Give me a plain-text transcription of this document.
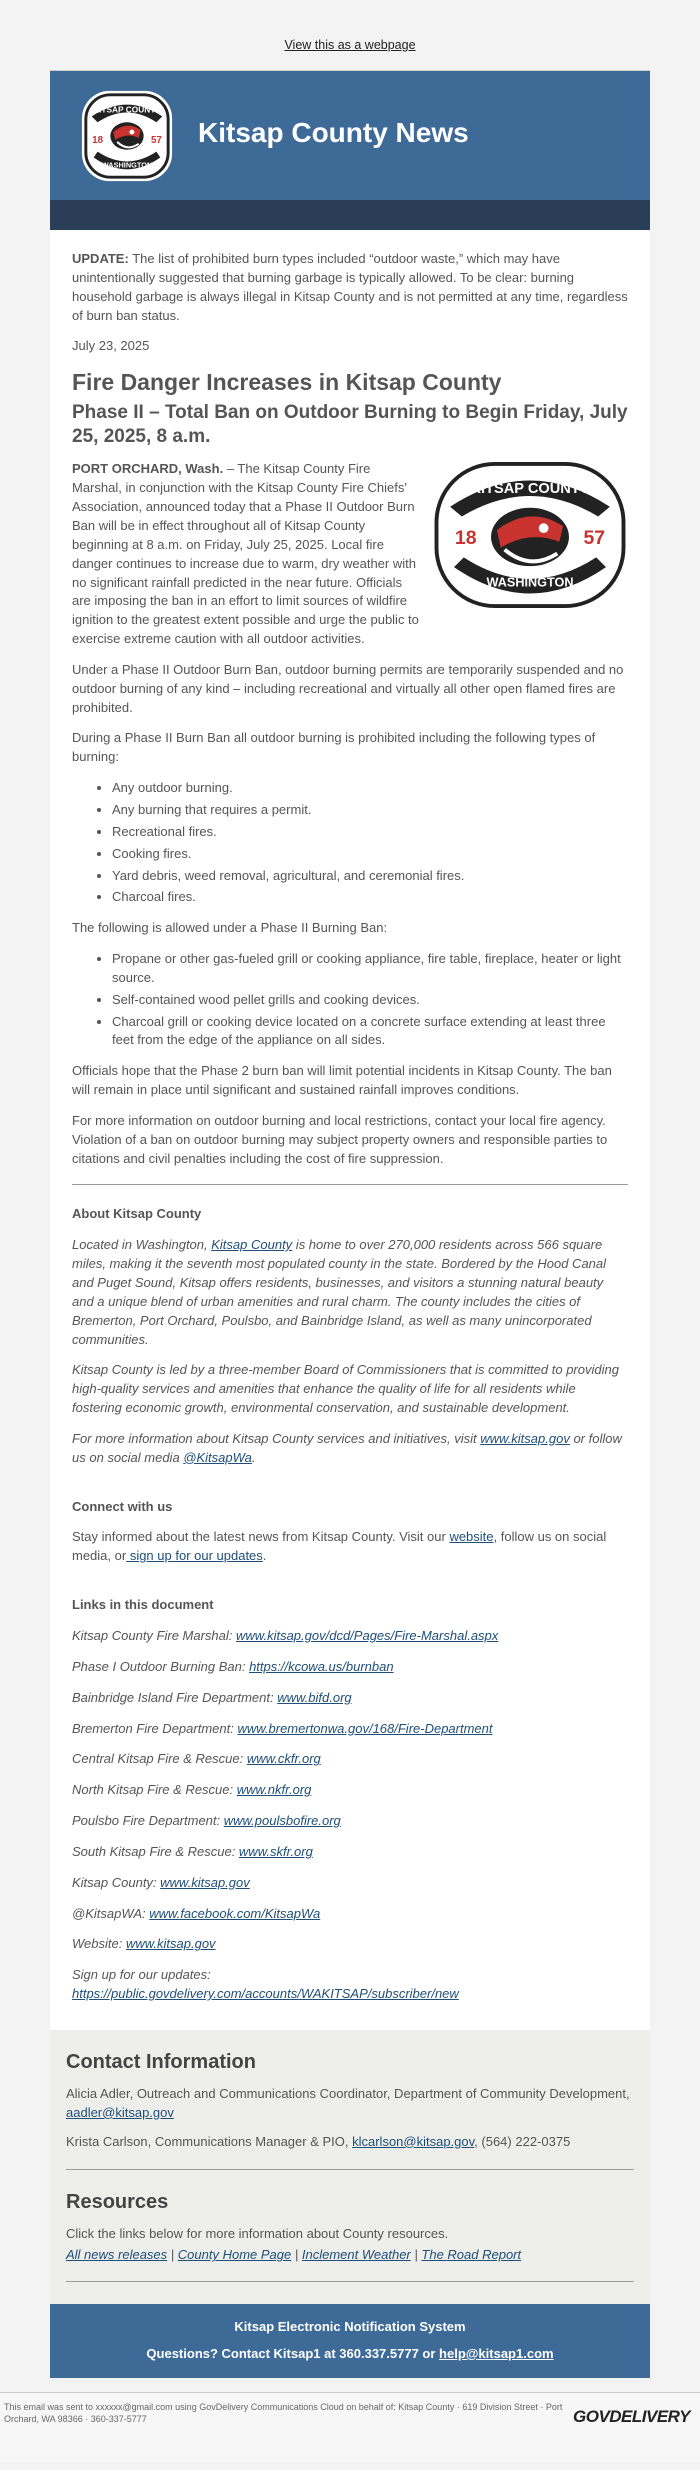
View this as a webpage
KITSAP COUNTY
WASHINGTON
18	57 Kitsap County News

UPDATE: The list of prohibited burn types included “outdoor waste,” which may have unintentionally suggested that burning garbage is typically allowed. To be clear: burning household garbage is always illegal in Kitsap County and is not permitted at any time, regardless of burn ban status.

July 23, 2025

Fire Danger Increases in Kitsap County
Phase II – Total Ban on Outdoor Burning to Begin Friday, July 25, 2025, 8 a.m.
KITSAP COUNTY
WASHINGTON
18	57

PORT ORCHARD, Wash. – The Kitsap County Fire Marshal, in conjunction with the Kitsap County Fire Chiefs' Association, announced today that a Phase II Outdoor Burn Ban will be in effect throughout all of Kitsap County beginning at 8 a.m. on Friday, July 25, 2025. Local fire danger continues to increase due to warm, dry weather with no significant rainfall predicted in the near future. Officials are imposing the ban in an effort to limit sources of wildfire ignition to the greatest extent possible and urge the public to exercise extreme caution with all outdoor activities.

Under a Phase II Outdoor Burn Ban, outdoor burning permits are temporarily suspended and no outdoor burning of any kind – including recreational and virtually all other open flamed fires are prohibited.

During a Phase II Burn Ban all outdoor burning is prohibited including the following types of burning:

• Any outdoor burning.
• Any burning that requires a permit.
• Recreational fires.
• Cooking fires.
• Yard debris, weed removal, agricultural, and ceremonial fires.
• Charcoal fires.

The following is allowed under a Phase II Burning Ban:

• Propane or other gas-fueled grill or cooking appliance, fire table, fireplace, heater or light source.
• Self-contained wood pellet grills and cooking devices.
• Charcoal grill or cooking device located on a concrete surface extending at least three feet from the edge of the appliance on all sides.

Officials hope that the Phase 2 burn ban will limit potential incidents in Kitsap County. The ban will remain in place until significant and sustained rainfall improves conditions.

For more information on outdoor burning and local restrictions, contact your local fire agency. Violation of a ban on outdoor burning may subject property owners and responsible parties to citations and civil penalties including the cost of fire suppression.

About Kitsap County

Located in Washington, Kitsap County is home to over 270,000 residents across 566 square miles, making it the seventh most populated county in the state. Bordered by the Hood Canal and Puget Sound, Kitsap offers residents, businesses, and visitors a stunning natural beauty and a unique blend of urban amenities and rural charm. The county includes the cities of Bremerton, Port Orchard, Poulsbo, and Bainbridge Island, as well as many unincorporated communities.

Kitsap County is led by a three-member Board of Commissioners that is committed to providing high-quality services and amenities that enhance the quality of life for all residents while fostering economic growth, environmental conservation, and sustainable development.

For more information about Kitsap County services and initiatives, visit www.kitsap.gov or follow us on social media @KitsapWa.

Connect with us

Stay informed about the latest news from Kitsap County. Visit our website, follow us on social media, or sign up for our updates.

Links in this document

Kitsap County Fire Marshal: www.kitsap.gov/dcd/Pages/Fire-Marshal.aspx

Phase I Outdoor Burning Ban: https://kcowa.us/burnban

Bainbridge Island Fire Department: www.bifd.org

Bremerton Fire Department: www.bremertonwa.gov/168/Fire-Department

Central Kitsap Fire & Rescue: www.ckfr.org

North Kitsap Fire & Rescue: www.nkfr.org

Poulsbo Fire Department: www.poulsbofire.org

South Kitsap Fire & Rescue: www.skfr.org

Kitsap County: www.kitsap.gov

@KitsapWA: www.facebook.com/KitsapWa

Website: www.kitsap.gov

Sign up for our updates:
https://public.govdelivery.com/accounts/WAKITSAP/subscriber/new

Contact Information

Alicia Adler, Outreach and Communications Coordinator, Department of Community Development, aadler@kitsap.gov

Krista Carlson, Communications Manager & PIO, klcarlson@kitsap.gov, (564) 222-0375

Resources

Click the links below for more information about County resources.

All news releases | County Home Page | Inclement Weather | The Road Report

Kitsap Electronic Notification System

Questions? Contact Kitsap1 at 360.337.5777 or help@kitsap1.com

This email was sent to xxxxxx@gmail.com using GovDelivery Communications Cloud on behalf of: Kitsap County · 619 Division Street · Port Orchard, WA 98366 · 360-337-5777	GOVDELIVERY
